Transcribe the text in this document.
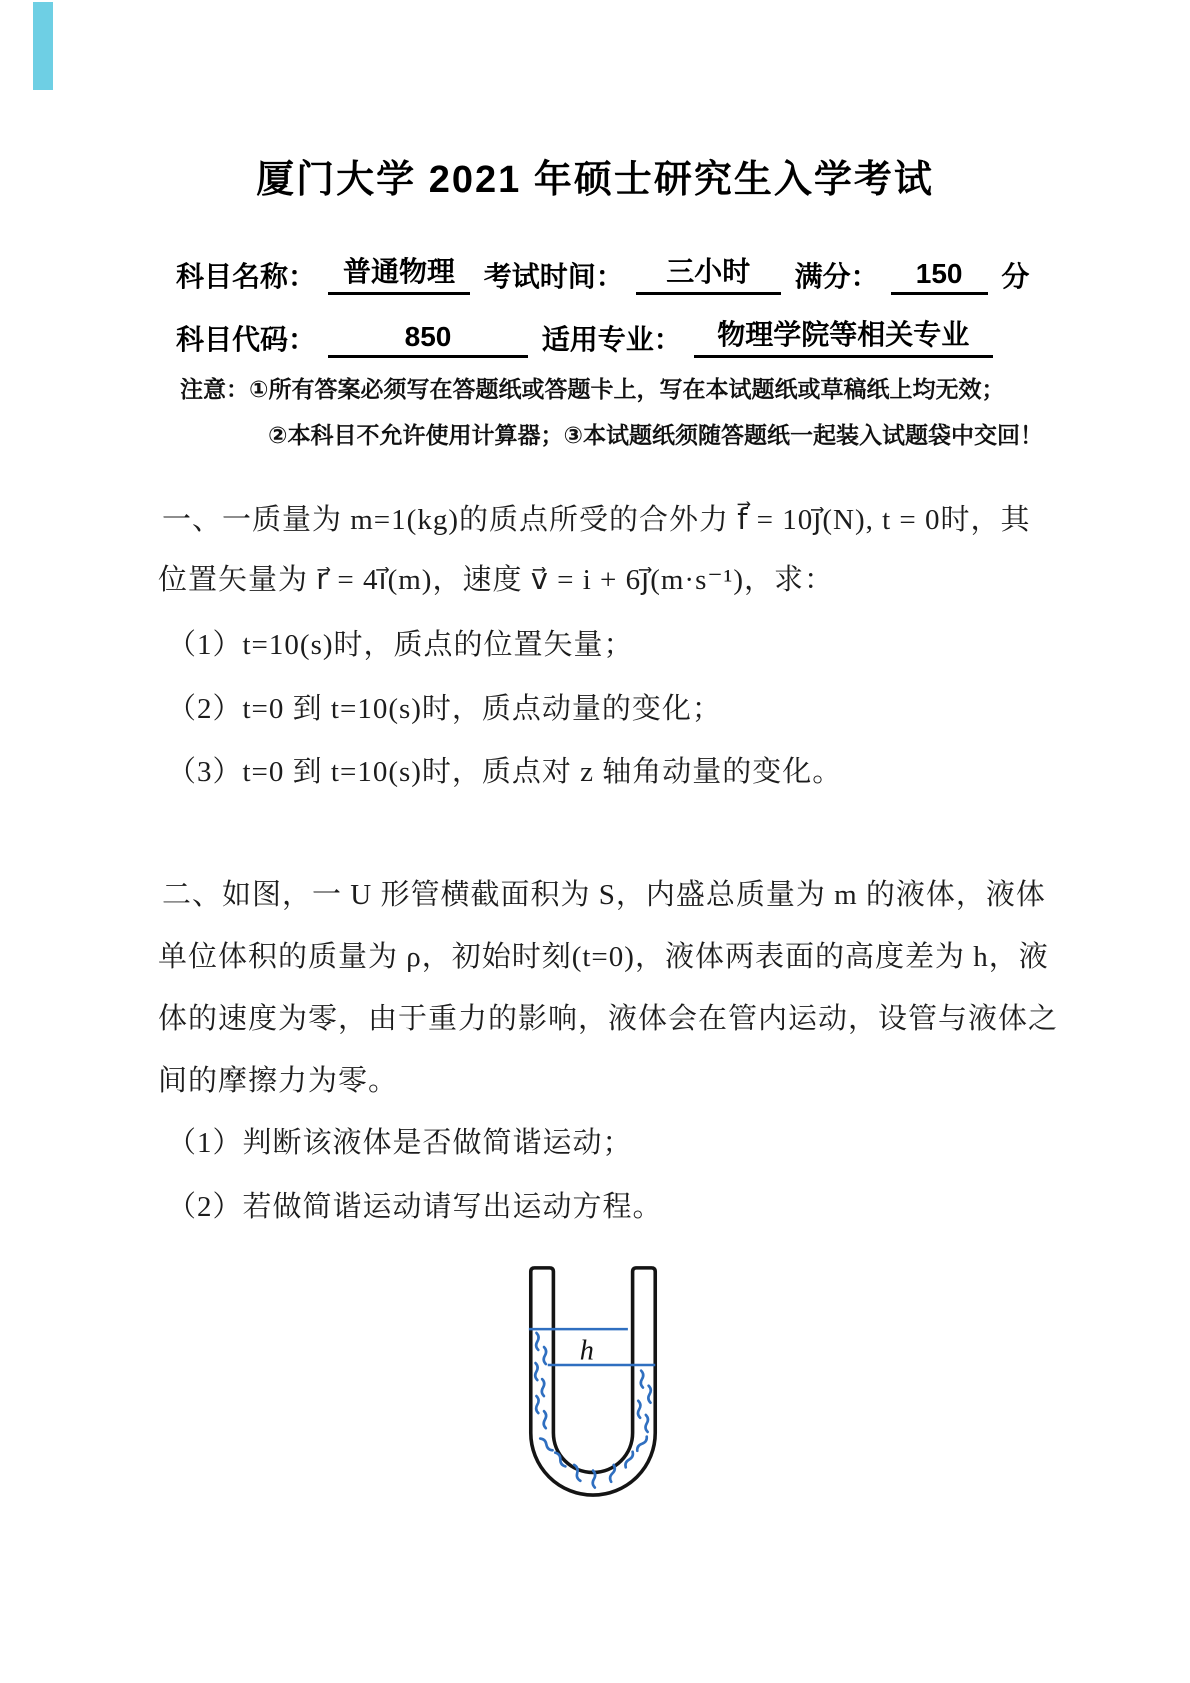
厦门大学 2021 年硕士研究生入学考试
科目名称： 普通物理 考试时间： 三小时 满分： 150 分
科目代码：	850	适用专业： 物理学院等相关专业
注意：①所有答案必须写在答题纸或答题卡上，写在本试题纸或草稿纸上均无效；
②本科目不允许使用计算器；③本试题纸须随答题纸一起装入试题袋中交回！
一、一质量为 m=1(kg)的质点所受的合外力 f⃗ = 10j⃗(N), t = 0时，其
位置矢量为 r⃗ = 4i⃗(m)，速度 v⃗ = i + 6j⃗(m·s⁻¹)，求：
（1）t=10(s)时，质点的位置矢量；
（2）t=0 到 t=10(s)时，质点动量的变化；
（3）t=0 到 t=10(s)时，质点对 z 轴角动量的变化。
二、如图，一 U 形管横截面积为 S，内盛总质量为 m 的液体，液体
单位体积的质量为 ρ，初始时刻(t=0)，液体两表面的高度差为 h，液
体的速度为零，由于重力的影响，液体会在管内运动，设管与液体之
间的摩擦力为零。
（1）判断该液体是否做简谐运动；
（2）若做简谐运动请写出运动方程。
h
